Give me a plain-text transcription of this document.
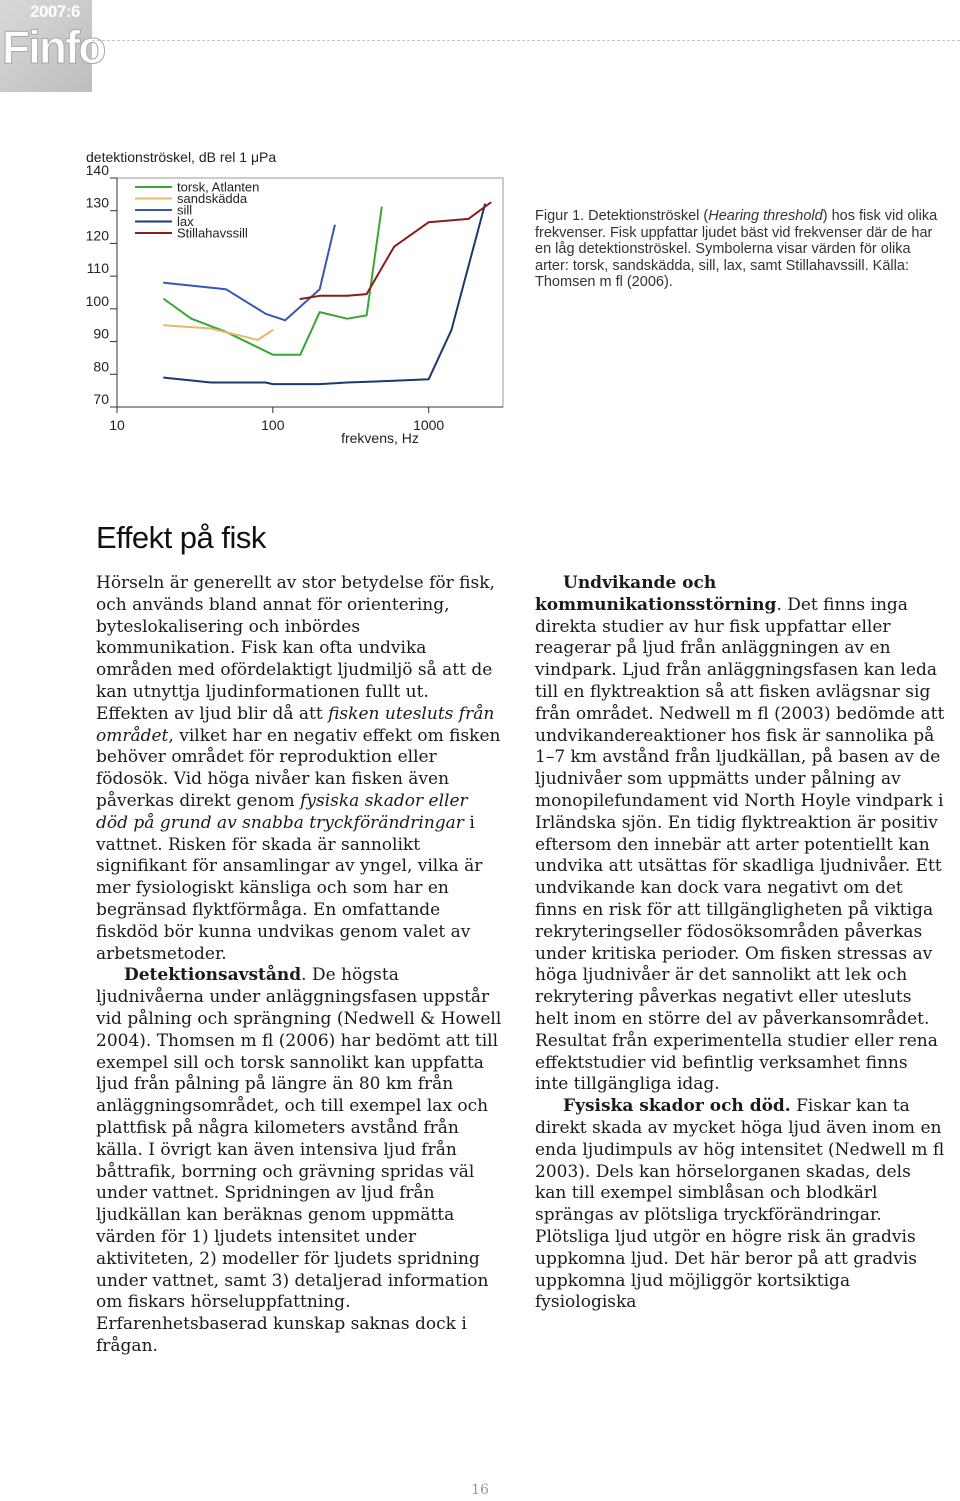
2007:6
Finfo
detektionströskel, dB rel 1 μPa
70
80
90
100
110
120
130
140
10	100	1000
frekvens, Hz
torsk, Atlanten
sandskädda
sill
lax
Stillahavssill
Figur 1. Detektionströskel (Hearing threshold) hos fisk vid olika frekvenser. Fisk uppfattar ljudet bäst vid frekvenser där de har en låg detektionströskel. Symbolerna visar värden för olika arter: torsk, sandskädda, sill, lax, samt Stillahavssill. Källa: Thomsen m fl (2006).
Effekt på fisk

Hörseln är generellt av stor betydelse för fisk, och används bland annat för orientering, byteslokalisering och inbördes kommunikation. Fisk kan ofta undvika områden med ofördelaktigt ljudmiljö så att de kan utnyttja ljudinformationen fullt ut. Effekten av ljud blir då att fisken utesluts från området, vilket har en negativ effekt om fisken behöver området för reproduktion eller födosök. Vid höga nivåer kan fisken även påverkas direkt genom fysiska skador eller död på grund av snabba tryckförändringar i vattnet. Risken för skada är sannolikt signifikant för ansamlingar av yngel, vilka är mer fysiologiskt känsliga och som har en begränsad flyktförmåga. En omfattande fiskdöd bör kunna undvikas genom valet av arbetsmetoder.

Detektionsavstånd. De högsta ljudnivåerna under anläggningsfasen uppstår vid pålning och sprängning (Nedwell & Howell 2004). Thomsen m fl (2006) har bedömt att till exempel sill och torsk sannolikt kan uppfatta ljud från pålning på längre än 80 km från anläggningsområdet, och till exempel lax och plattfisk på några kilometers avstånd från källa. I övrigt kan även intensiva ljud från båttrafik, borrning och grävning spridas väl under vattnet. Spridningen av ljud från ljudkällan kan beräknas genom uppmätta värden för 1) ljudets intensitet under aktiviteten, 2) modeller för ljudets spridning under vattnet, samt 3) detaljerad information om fiskars hörseluppfattning. Erfarenhetsbaserad kunskap saknas dock i frågan.

Undvikande och kommunikationsstörning. Det finns inga direkta studier av hur fisk uppfattar eller reagerar på ljud från anläggningen av en vindpark. Ljud från anläggningsfasen kan leda till en flyktreaktion så att fisken avlägsnar sig från området. Nedwell m fl (2003) bedömde att undvikandereaktioner hos fisk är sannolika på 1–7 km avstånd från ljudkällan, på basen av de ljudnivåer som uppmätts under pålning av monopilefundament vid North Hoyle vindpark i Irländska sjön. En tidig flyktreaktion är positiv eftersom den innebär att arter potentiellt kan undvika att utsättas för skadliga ljudnivåer. Ett undvikande kan dock vara negativt om det finns en risk för att tillgängligheten på viktiga rekryteringseller födosöksområden påverkas under kritiska perioder. Om fisken stressas av höga ljudnivåer är det sannolikt att lek och rekrytering påverkas negativt eller utesluts helt inom en större del av påverkansområdet. Resultat från experimentella studier eller rena effektstudier vid befintlig verksamhet finns inte tillgängliga idag.

Fysiska skador och död. Fiskar kan ta direkt skada av mycket höga ljud även inom en enda ljudimpuls av hög intensitet (Nedwell m fl 2003). Dels kan hörselorganen skadas, dels kan till exempel simblåsan och blodkärl sprängas av plötsliga tryckförändringar. Plötsliga ljud utgör en högre risk än gradvis uppkomna ljud. Det här beror på att gradvis uppkomna ljud möjliggör kortsiktiga fysiologiska

16
